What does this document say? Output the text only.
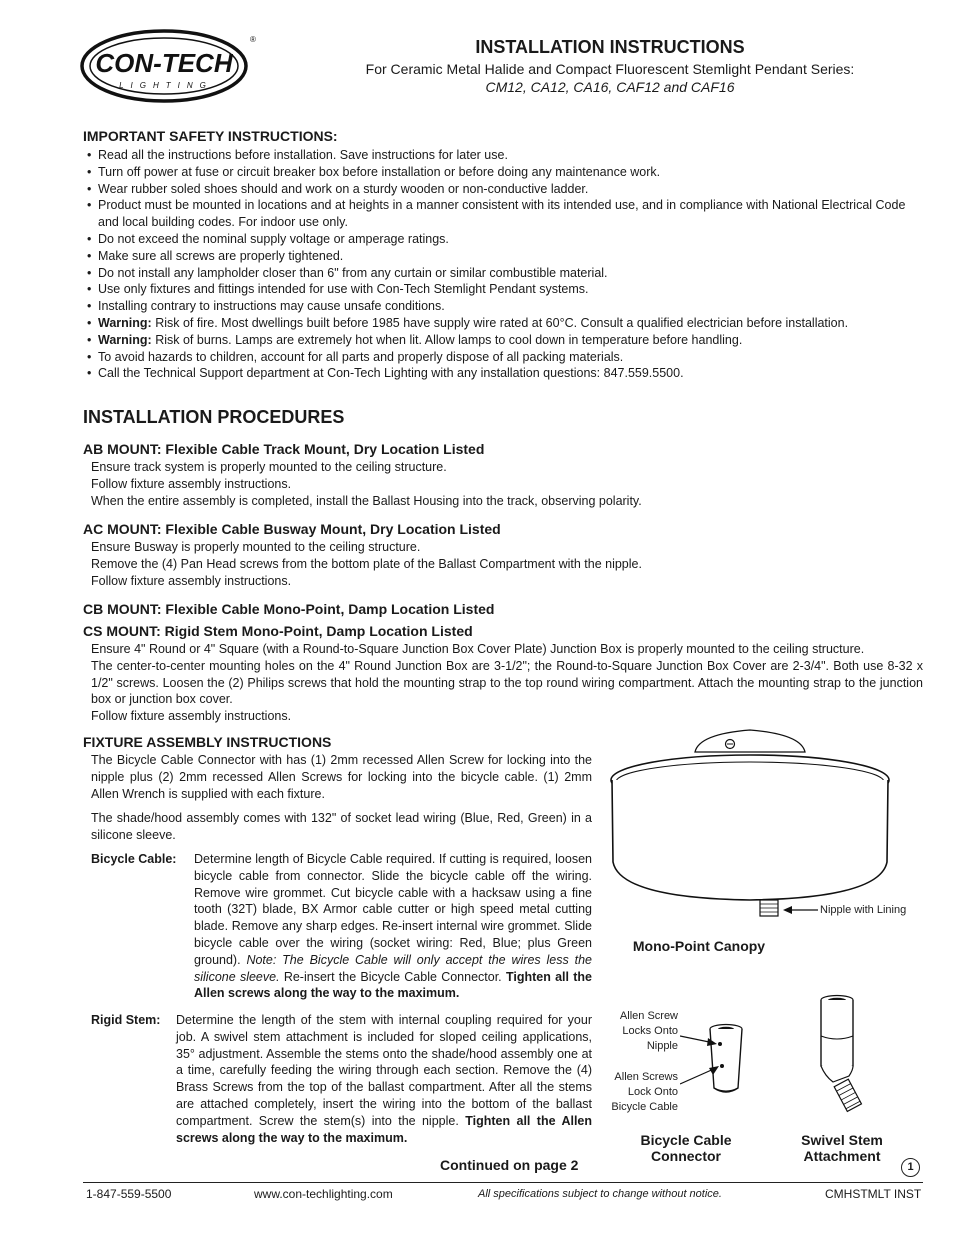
CON-TECH
LIGHTING
®	INSTALLATION INSTRUCTIONS
For Ceramic Metal Halide and Compact Fluorescent Stemlight Pendant Series:
CM12, CA12, CA16, CAF12 and CAF16
IMPORTANT SAFETY INSTRUCTIONS:
• Read all the instructions before installation. Save instructions for later use.
• Turn off power at fuse or circuit breaker box before installation or before doing any maintenance work.
• Wear rubber soled shoes should and work on a sturdy wooden or non-conductive ladder.
• Product must be mounted in locations and at heights in a manner consistent with its intended use, and in compliance with National Electrical Code and local building codes. For indoor use only.
• Do not exceed the nominal supply voltage or amperage ratings.
• Make sure all screws are properly tightened.
• Do not install any lampholder closer than 6" from any curtain or similar combustible material.
• Use only fixtures and fittings intended for use with Con-Tech Stemlight Pendant systems.
• Installing contrary to instructions may cause unsafe conditions.
• Warning: Risk of fire. Most dwellings built before 1985 have supply wire rated at 60°C. Consult a qualified electrician before installation.
• Warning: Risk of burns. Lamps are extremely hot when lit. Allow lamps to cool down in temperature before handling.
• To avoid hazards to children, account for all parts and properly dispose of all packing materials.
• Call the Technical Support department at Con-Tech Lighting with any installation questions: 847.559.5500.
INSTALLATION PROCEDURES
AB MOUNT: Flexible Cable Track Mount, Dry Location Listed
Ensure track system is properly mounted to the ceiling structure.
Follow fixture assembly instructions.
When the entire assembly is completed, install the Ballast Housing into the track, observing polarity.
AC MOUNT: Flexible Cable Busway Mount, Dry Location Listed
Ensure Busway is properly mounted to the ceiling structure.
Remove the (4) Pan Head screws from the bottom plate of the Ballast Compartment with the nipple.
Follow fixture assembly instructions.
CB MOUNT: Flexible Cable Mono-Point, Damp Location Listed
CS MOUNT: Rigid Stem Mono-Point, Damp Location Listed
Ensure 4" Round or 4" Square (with a Round-to-Square Junction Box Cover Plate) Junction Box is properly mounted to the ceiling structure.
The center-to-center mounting holes on the 4" Round Junction Box are 3-1/2"; the Round-to-Square Junction Box Cover are 2-3/4". Both use 8-32 x 1/2" screws. Loosen the (2) Philips screws that hold the mounting strap to the top round wiring compartment. Attach the mounting strap to the junction box or junction box cover.
Follow fixture assembly instructions.
FIXTURE ASSEMBLY INSTRUCTIONS
The Bicycle Cable Connector with has (1) 2mm recessed Allen Screw for locking into the nipple plus (2) 2mm recessed Allen Screws for locking into the bicycle cable. (1) 2mm Allen Wrench is supplied with each fixture.
The shade/hood assembly comes with 132" of socket lead wiring (Blue, Red, Green) in a silicone sleeve.
Bicycle Cable:	Determine length of Bicycle Cable required. If cutting is required, loosen bicycle cable from connector. Slide the bicycle cable off the wiring. Remove wire grommet. Cut bicycle cable with a hacksaw using a fine tooth (32T) blade, BX Armor cable cutter or high speed metal cutting blade. Remove any sharp edges. Re-insert internal wire grommet. Slide bicycle cable over the wiring (socket wiring: Red, Blue; plus Green ground). Note: The Bicycle Cable will only accept the wires less the silicone sleeve. Re-insert the Bicycle Cable Connector. Tighten all the Allen screws along the way to the maximum.
Rigid Stem:	Determine the length of the stem with internal coupling required for your job. A swivel stem attachment is included for sloped ceiling applications, 35° adjustment. Assemble the stems onto the shade/hood assembly one at a time, carefully feeding the wiring through each section. Remove the (4) Brass Screws from the top of the ballast compartment. After all the stems are attached completely, insert the wiring into the bottom of the ballast compartment. Screw the stem(s) into the nipple. Tighten all the Allen screws along the way to the maximum.
Continued on page 2
Nipple with Lining
Mono-Point Canopy
Allen Screw
Locks Onto
Nipple
Allen Screws
Lock Onto
Bicycle Cable
Bicycle Cable
Connector
Swivel Stem
Attachment
1
1-847-559-5500	www.con-techlighting.com	All specifications subject to change without notice.	CMHSTMLT INST
